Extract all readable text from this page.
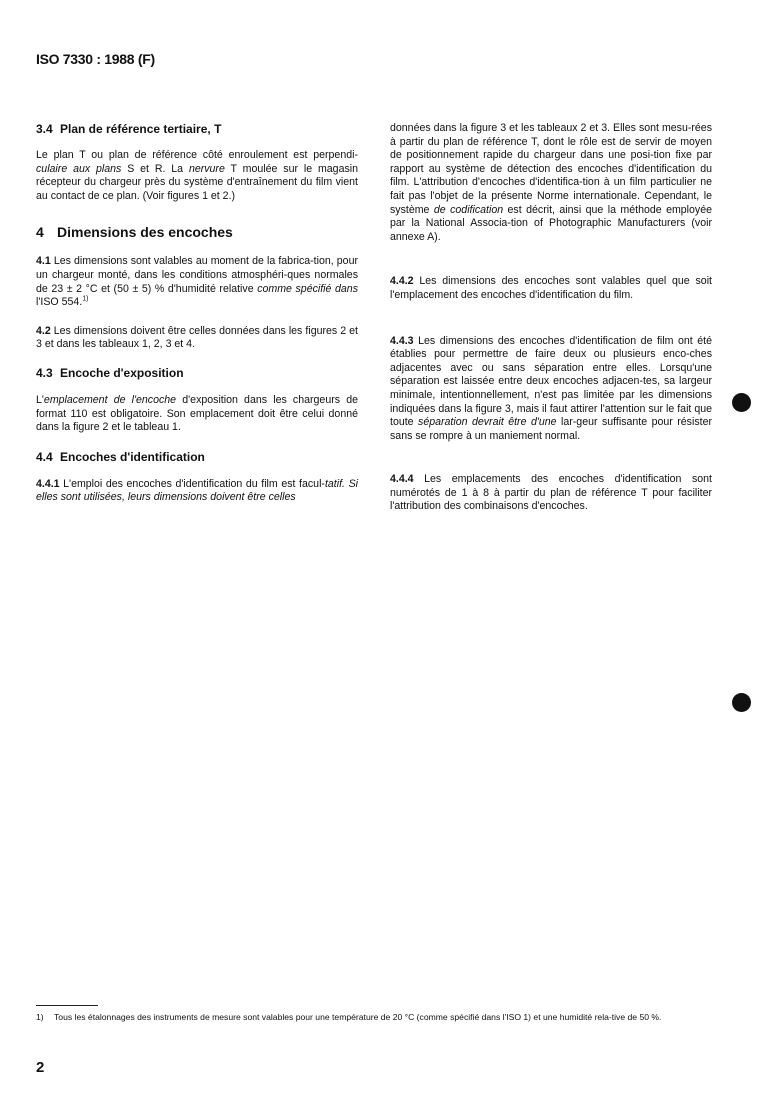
ISO 7330 : 1988 (F)
3.4 Plan de référence tertiaire, T

Le plan T ou plan de référence côté enroulement est perpendi-culaire aux plans S et R. La nervure T moulée sur le magasin récepteur du chargeur près du système d'entraînement du film vient au contact de ce plan. (Voir figures 1 et 2.)

4 Dimensions des encoches

4.1 Les dimensions sont valables au moment de la fabrica-tion, pour un chargeur monté, dans les conditions atmosphéri-ques normales de 23 ± 2 °C et (50 ± 5) % d'humidité relative comme spécifié dans l'ISO 554.$^{1)}$

4.2 Les dimensions doivent être celles données dans les figures 2 et 3 et dans les tableaux 1, 2, 3 et 4.

4.3 Encoche d'exposition

L'emplacement de l'encoche d'exposition dans les chargeurs de format 110 est obligatoire. Son emplacement doit être celui donné dans la figure 2 et le tableau 1.

4.4 Encoches d'identification

4.4.1 L'emploi des encoches d'identification du film est facul-tatif. Si elles sont utilisées, leurs dimensions doivent être celles

données dans la figure 3 et les tableaux 2 et 3. Elles sont mesu-rées à partir du plan de référence T, dont le rôle est de servir de moyen de positionnement rapide du chargeur dans une posi-tion fixe par rapport au système de détection des encoches d'identification du film. L'attribution d'encoches d'identifica-tion à un film particulier ne fait pas l'objet de la présente Norme internationale. Cependant, le système de codification est décrit, ainsi que la méthode employée par la National Associa-tion of Photographic Manufacturers (voir annexe A).

4.4.2 Les dimensions des encoches sont valables quel que soit l'emplacement des encoches d'identification du film.

4.4.3 Les dimensions des encoches d'identification de film ont été établies pour permettre de faire deux ou plusieurs enco-ches adjacentes avec ou sans séparation entre elles. Lorsqu'une séparation est laissée entre deux encoches adjacen-tes, sa largeur minimale, intentionnellement, n'est pas limitée par les dimensions indiquées dans la figure 3, mais il faut attirer l'attention sur le fait que toute séparation devrait être d'une lar-geur suffisante pour résister sans se rompre à un maniement normal.

4.4.4 Les emplacements des encoches d'identification sont numérotés de 1 à 8 à partir du plan de référence T pour faciliter l'attribution des combinaisons d'encoches.

1) Tous les étalonnages des instruments de mesure sont valables pour une température de 20 °C (comme spécifié dans l'ISO 1) et une humidité rela-tive de 50 %.

2
